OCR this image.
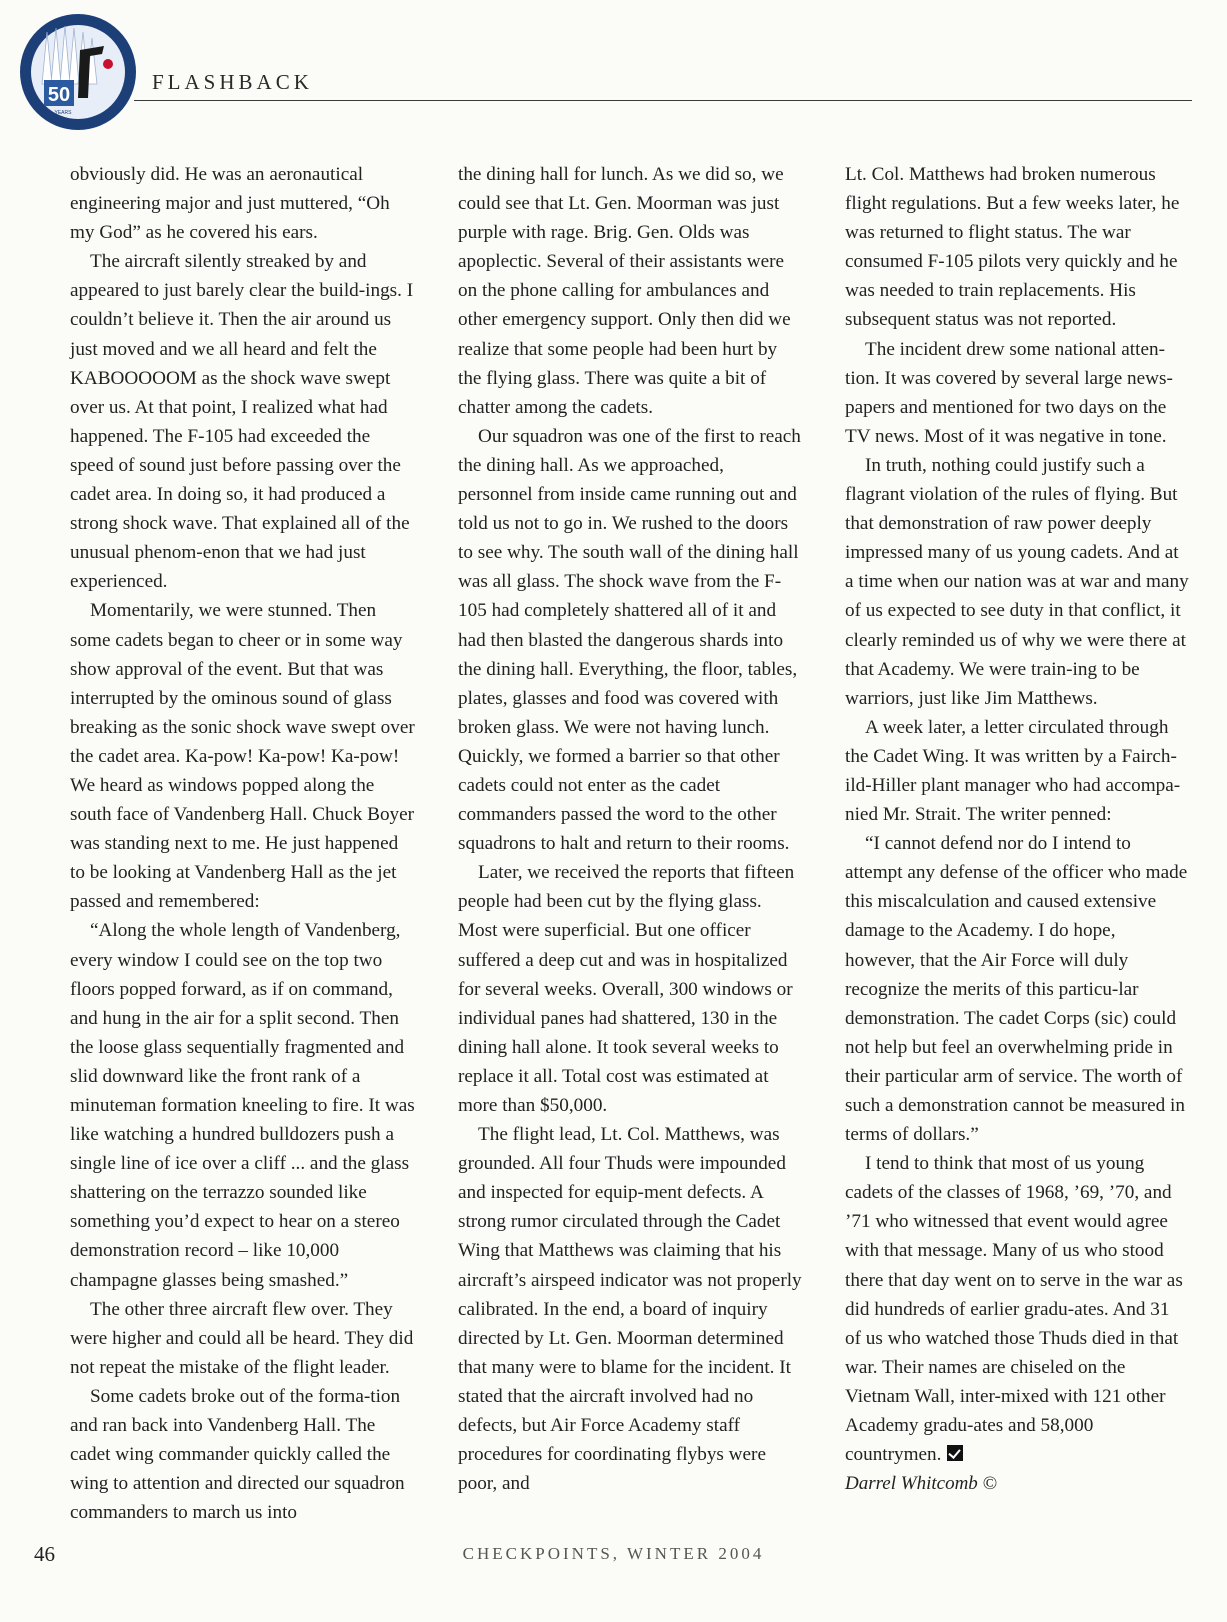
50
YEARS
FLASHBACK

obviously did. He was an aeronautical engineering major and just muttered, “Oh my God” as he covered his ears.

The aircraft silently streaked by and appeared to just barely clear the build-ings. I couldn’t believe it. Then the air around us just moved and we all heard and felt the KABOOOOOM as the shock wave swept over us. At that point, I realized what had happened. The F-105 had exceeded the speed of sound just before passing over the cadet area. In doing so, it had produced a strong shock wave. That explained all of the unusual phenom-enon that we had just experienced.

Momentarily, we were stunned. Then some cadets began to cheer or in some way show approval of the event. But that was interrupted by the ominous sound of glass breaking as the sonic shock wave swept over the cadet area. Ka-pow! Ka-pow! Ka-pow! We heard as windows popped along the south face of Vandenberg Hall. Chuck Boyer was standing next to me. He just happened to be looking at Vandenberg Hall as the jet passed and remembered:

“Along the whole length of Vandenberg, every window I could see on the top two floors popped forward, as if on command, and hung in the air for a split second. Then the loose glass sequentially fragmented and slid downward like the front rank of a minuteman formation kneeling to fire. It was like watching a hundred bulldozers push a single line of ice over a cliff ... and the glass shattering on the terrazzo sounded like something you’d expect to hear on a stereo demonstration record – like 10,000 champagne glasses being smashed.”

The other three aircraft flew over. They were higher and could all be heard. They did not repeat the mistake of the flight leader.

Some cadets broke out of the forma-tion and ran back into Vandenberg Hall. The cadet wing commander quickly called the wing to attention and directed our squadron commanders to march us into

the dining hall for lunch. As we did so, we could see that Lt. Gen. Moorman was just purple with rage. Brig. Gen. Olds was apoplectic. Several of their assistants were on the phone calling for ambulances and other emergency support. Only then did we realize that some people had been hurt by the flying glass. There was quite a bit of chatter among the cadets.

Our squadron was one of the first to reach the dining hall. As we approached, personnel from inside came running out and told us not to go in. We rushed to the doors to see why. The south wall of the dining hall was all glass. The shock wave from the F-105 had completely shattered all of it and had then blasted the dangerous shards into the dining hall. Everything, the floor, tables, plates, glasses and food was covered with broken glass. We were not having lunch. Quickly, we formed a barrier so that other cadets could not enter as the cadet commanders passed the word to the other squadrons to halt and return to their rooms.

Later, we received the reports that fifteen people had been cut by the flying glass. Most were superficial. But one officer suffered a deep cut and was in hospitalized for several weeks. Overall, 300 windows or individual panes had shattered, 130 in the dining hall alone. It took several weeks to replace it all. Total cost was estimated at more than $50,000.

The flight lead, Lt. Col. Matthews, was grounded. All four Thuds were impounded and inspected for equip-ment defects. A strong rumor circulated through the Cadet Wing that Matthews was claiming that his aircraft’s airspeed indicator was not properly calibrated. In the end, a board of inquiry directed by Lt. Gen. Moorman determined that many were to blame for the incident. It stated that the aircraft involved had no defects, but Air Force Academy staff procedures for coordinating flybys were poor, and

Lt. Col. Matthews had broken numerous flight regulations. But a few weeks later, he was returned to flight status. The war consumed F-105 pilots very quickly and he was needed to train replacements. His subsequent status was not reported.

The incident drew some national atten-tion. It was covered by several large news-papers and mentioned for two days on the TV news. Most of it was negative in tone.

In truth, nothing could justify such a flagrant violation of the rules of flying. But that demonstration of raw power deeply impressed many of us young cadets. And at a time when our nation was at war and many of us expected to see duty in that conflict, it clearly reminded us of why we were there at that Academy. We were train-ing to be warriors, just like Jim Matthews.

A week later, a letter circulated through the Cadet Wing. It was written by a Fairch-ild-Hiller plant manager who had accompa-nied Mr. Strait. The writer penned:

“I cannot defend nor do I intend to attempt any defense of the officer who made this miscalculation and caused extensive damage to the Academy. I do hope, however, that the Air Force will duly recognize the merits of this particu-lar demonstration. The cadet Corps (sic) could not help but feel an overwhelming pride in their particular arm of service. The worth of such a demonstration cannot be measured in terms of dollars.”

I tend to think that most of us young cadets of the classes of 1968, ’69, ’70, and ’71 who witnessed that event would agree with that message. Many of us who stood there that day went on to serve in the war as did hundreds of earlier gradu-ates. And 31 of us who watched those Thuds died in that war. Their names are chiseled on the Vietnam Wall, inter-mixed with 121 other Academy gradu-ates and 58,000 countrymen.

Darrel Whitcomb ©

46	CHECKPOINTS, WINTER 2004
